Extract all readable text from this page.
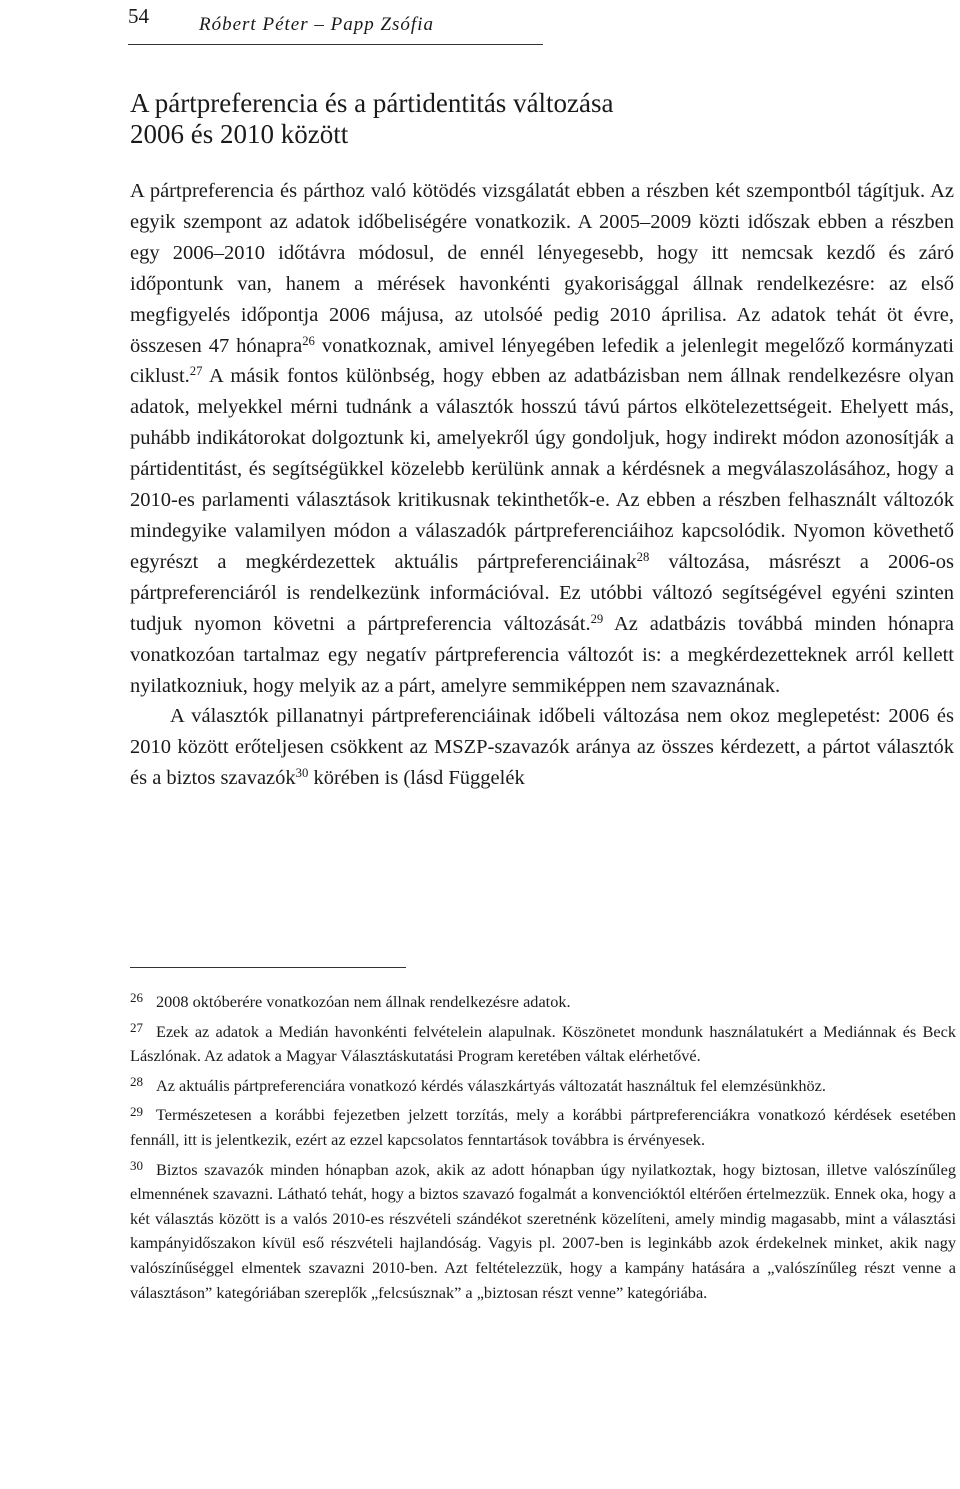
54	Róbert Péter – Papp Zsófia
A pártpreferencia és a pártidentitás változása
2006 és 2010 között

A pártpreferencia és párthoz való kötödés vizsgálatát ebben a részben két szempontból tágítjuk. Az egyik szempont az adatok időbeliségére vonatkozik. A 2005–2009 közti időszak ebben a részben egy 2006–2010 időtávra módosul, de ennél lényegesebb, hogy itt nemcsak kezdő és záró időpontunk van, hanem a mérések havonkénti gyakorisággal állnak rendelkezésre: az első megfigyelés időpontja 2006 májusa, az utolsóé pedig 2010 áprilisa. Az adatok tehát öt évre, összesen 47 hónapra$^{26}$ vonatkoznak, amivel lényegében lefedik a jelenlegit megelőző kormányzati ciklust.$^{27}$ A másik fontos különbség, hogy ebben az adatbázisban nem állnak rendelkezésre olyan adatok, melyekkel mérni tudnánk a választók hosszú távú pártos elkötelezettségeit. Ehelyett más, puhább indikátorokat dolgoztunk ki, amelyekről úgy gondoljuk, hogy indirekt módon azonosítják a pártidentitást, és segítségükkel közelebb kerülünk annak a kérdésnek a megválaszolásához, hogy a 2010-es parlamenti választások kritikusnak tekinthetők-e. Az ebben a részben felhasznált változók mindegyike valamilyen módon a válaszadók pártpreferenciáihoz kapcsolódik. Nyomon követhető egyrészt a megkérdezettek aktuális pártpreferenciáinak$^{28}$ változása, másrészt a 2006-os pártpreferenciáról is rendelkezünk információval. Ez utóbbi változó segítségével egyéni szinten tudjuk nyomon követni a pártpreferencia változását.$^{29}$ Az adatbázis továbbá minden hónapra vonatkozóan tartalmaz egy negatív pártpreferencia változót is: a megkérdezetteknek arról kellett nyilatkozniuk, hogy melyik az a párt, amelyre semmiképpen nem szavaznának.

A választók pillanatnyi pártpreferenciáinak időbeli változása nem okoz meglepetést: 2006 és 2010 között erőteljesen csökkent az MSZP-szavazók aránya az összes kérdezett, a pártot választók és a biztos szavazók$^{30}$ körében is (lásd Függelék

26 2008 októberére vonatkozóan nem állnak rendelkezésre adatok.

27 Ezek az adatok a Medián havonkénti felvételein alapulnak. Köszönetet mondunk használatukért a Mediánnak és Beck Lászlónak. Az adatok a Magyar Választáskutatási Program keretében váltak elérhetővé.

28 Az aktuális pártpreferenciára vonatkozó kérdés válaszkártyás változatát használtuk fel elemzésünkhöz.

29 Természetesen a korábbi fejezetben jelzett torzítás, mely a korábbi pártpreferenciákra vonatkozó kérdések esetében fennáll, itt is jelentkezik, ezért az ezzel kapcsolatos fenntartások továbbra is érvényesek.

30 Biztos szavazók minden hónapban azok, akik az adott hónapban úgy nyilatkoztak, hogy biztosan, illetve valószínűleg elmennének szavazni. Látható tehát, hogy a biztos szavazó fogalmát a konvencióktól eltérően értelmezzük. Ennek oka, hogy a két választás között is a valós 2010-es részvételi szándékot szeretnénk közelíteni, amely mindig magasabb, mint a választási kampányidőszakon kívül eső részvételi hajlandóság. Vagyis pl. 2007-ben is leginkább azok érdekelnek minket, akik nagy valószínűséggel elmentek szavazni 2010-ben. Azt feltételezzük, hogy a kampány hatására a „valószínűleg részt venne a választáson” kategóriában szereplők „felcsúsznak” a „biztosan részt venne” kategóriába.
